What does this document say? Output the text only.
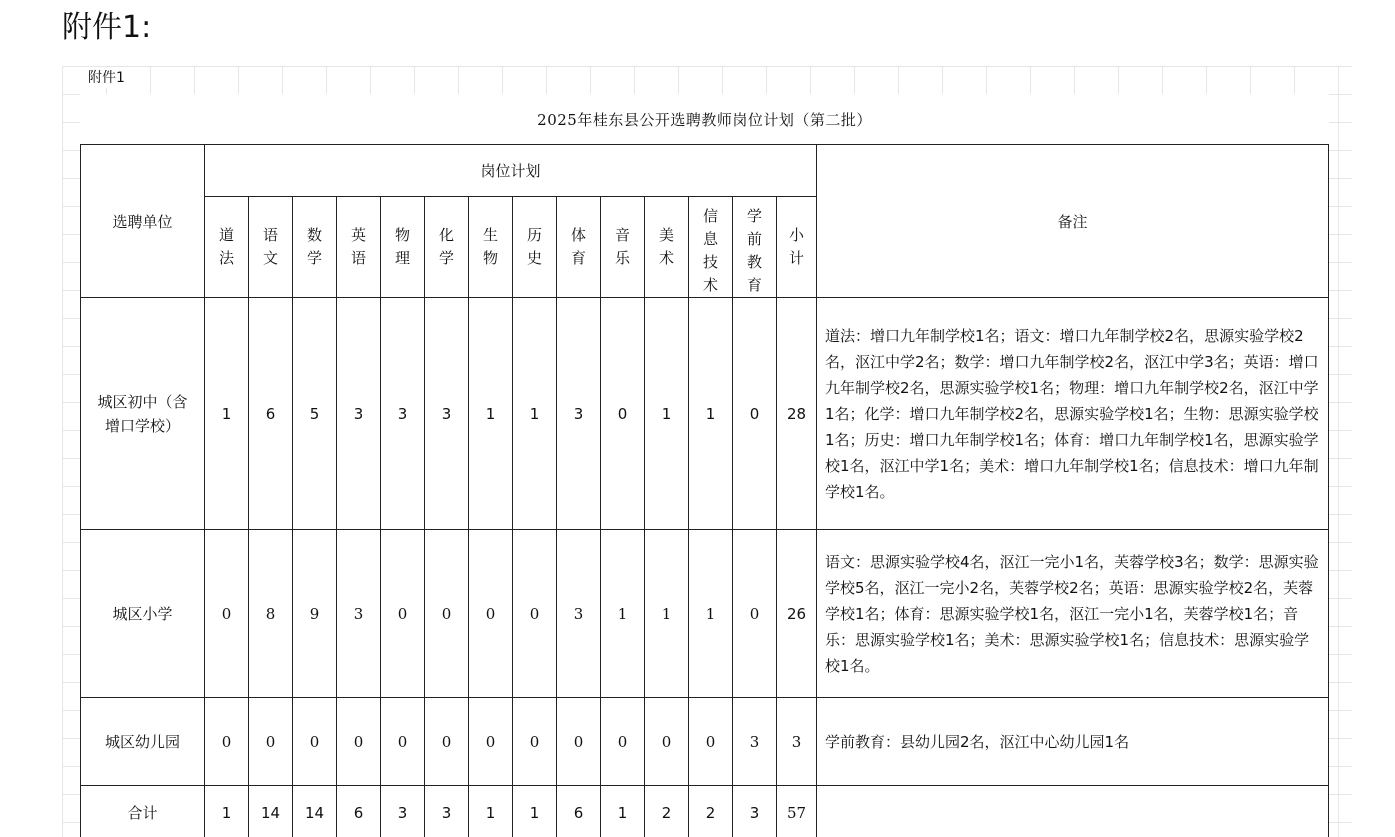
附件1:
附件1
2025年桂东县公开选聘教师岗位计划（第二批）															
选聘单位	岗位计划														备注
	道法	语文	数学	英语	物理	化学	生物	历史	体育	音乐	美术	信息技术	学前教育	小计	
城区初中（含增口学校）	1	6	5	3	3	3	1	1	3	0	1	1	0	28	道法：增口九年制学校1名；语文：增口九年制学校2名，思源实验学校2名，沤江中学2名；数学：增口九年制学校2名，沤江中学3名；英语：增口九年制学校2名，思源实验学校1名；物理：增口九年制学校2名，沤江中学1名；化学：增口九年制学校2名，思源实验学校1名；生物：思源实验学校1名；历史：增口九年制学校1名；体育：增口九年制学校1名，思源实验学校1名，沤江中学1名；美术：增口九年制学校1名；信息技术：增口九年制学校1名。
城区小学	0	8	9	3	0	0	0	0	3	1	1	1	0	26	语文：思源实验学校4名，沤江一完小1名，芙蓉学校3名；数学：思源实验学校5名，沤江一完小2名，芙蓉学校2名；英语：思源实验学校2名，芙蓉学校1名；体育：思源实验学校1名，沤江一完小1名，芙蓉学校1名；音乐：思源实验学校1名；美术：思源实验学校1名；信息技术：思源实验学校1名。
城区幼儿园	0	0	0	0	0	0	0	0	0	0	0	0	3	3	学前教育：县幼儿园2名，沤江中心幼儿园1名
合计	1	14	14	6	3	3	1	1	6	1	2	2	3	57	
